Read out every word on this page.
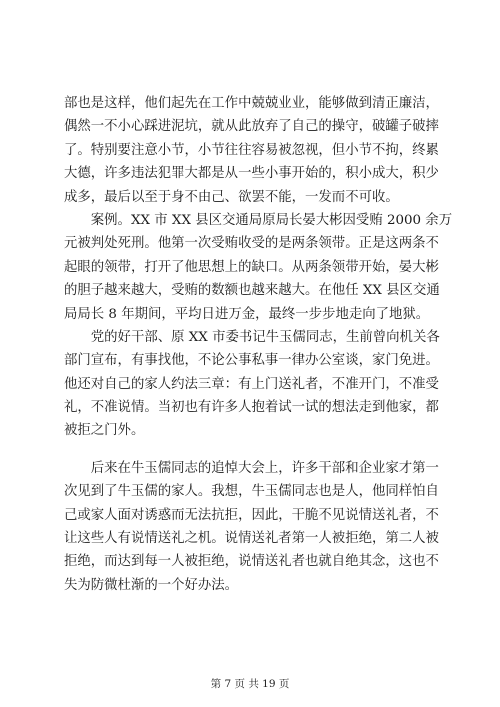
部也是这样，他们起先在工作中兢兢业业，能够做到清正廉洁，
偶然一不小心踩进泥坑，就从此放弃了自己的操守，破罐子破摔
了。特别要注意小节，小节往往容易被忽视，但小节不拘，终累
大德，许多违法犯罪大都是从一些小事开始的，积小成大，积少
成多，最后以至于身不由己、欲罢不能，一发而不可收。
　　案例。XX 市 XX 县区交通局原局长晏大彬因受贿 2000 余万
元被判处死刑。他第一次受贿收受的是两条领带。正是这两条不
起眼的领带，打开了他思想上的缺口。从两条领带开始，晏大彬
的胆子越来越大，受贿的数额也越来越大。在他任 XX 县区交通
局局长 8 年期间，平均日进万金，最终一步步地走向了地狱。
　　党的好干部、原 XX 市委书记牛玉儒同志，生前曾向机关各
部门宣布，有事找他，不论公事私事一律办公室谈，家门免进。
他还对自己的家人约法三章：有上门送礼者，不准开门，不准受
礼，不准说情。当初也有许多人抱着试一试的想法走到他家，都
被拒之门外。
　　后来在牛玉儒同志的追悼大会上，许多干部和企业家才第一
次见到了牛玉儒的家人。我想，牛玉儒同志也是人，他同样怕自
己或家人面对诱惑而无法抗拒，因此，干脆不见说情送礼者，不
让这些人有说情送礼之机。说情送礼者第一人被拒绝，第二人被
拒绝，而达到每一人被拒绝，说情送礼者也就自绝其念，这也不
失为防微杜渐的一个好办法。
第 7 页 共 19 页
